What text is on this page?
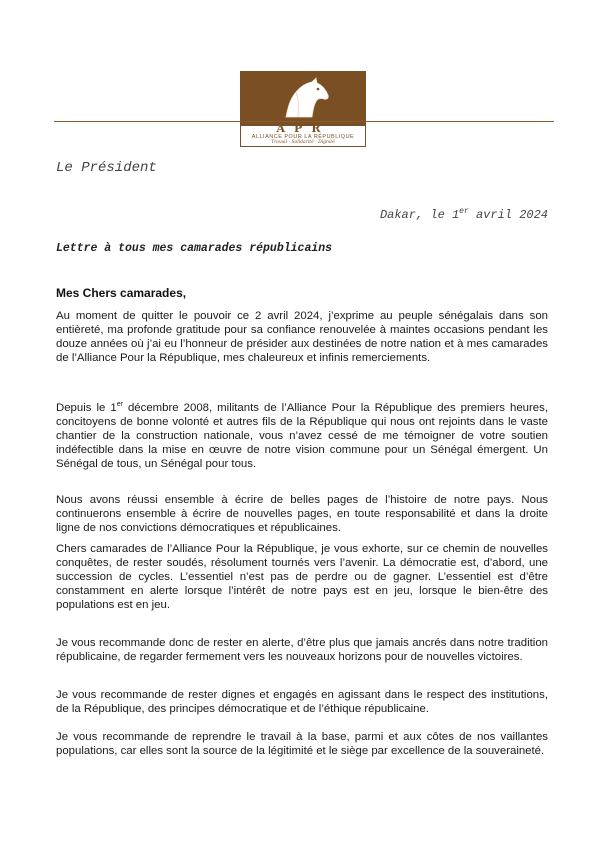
APR
ALLIANCE POUR LA RÉPUBLIQUE
Travail - Solidarité - Dignité
Le Président
Dakar, le 1er avril 2024
Lettre à tous mes camarades républicains
Mes Chers camarades,
Au moment de quitter le pouvoir ce 2 avril 2024, j’exprime au peuple sénégalais dans son entièreté, ma profonde gratitude pour sa confiance renouvelée à maintes occasions pendant les douze années où j’ai eu l’honneur de présider aux destinées de notre nation et à mes camarades de l’Alliance Pour la République, mes chaleureux et infinis remerciements.
Depuis le 1er décembre 2008, militants de l’Alliance Pour la République des premiers heures, concitoyens de bonne volonté et autres fils de la République qui nous ont rejoints dans le vaste chantier de la construction nationale, vous n’avez cessé de me témoigner de votre soutien indéfectible dans la mise en œuvre de notre vision commune pour un Sénégal émergent. Un Sénégal de tous, un Sénégal pour tous.
Nous avons réussi ensemble à écrire de belles pages de l’histoire de notre pays. Nous continuerons ensemble à écrire de nouvelles pages, en toute responsabilité et dans la droite ligne de nos convictions démocratiques et républicaines.
Chers camarades de l’Alliance Pour la République, je vous exhorte, sur ce chemin de nouvelles conquêtes, de rester soudés, résolument tournés vers l’avenir. La démocratie est, d’abord, une succession de cycles. L’essentiel n’est pas de perdre ou de gagner. L’essentiel est d’être constamment en alerte lorsque l’intérêt de notre pays est en jeu, lorsque le bien-être des populations est en jeu.
Je vous recommande donc de rester en alerte, d’être plus que jamais ancrés dans notre tradition républicaine, de regarder fermement vers les nouveaux horizons pour de nouvelles victoires.
Je vous recommande de rester dignes et engagés en agissant dans le respect des institutions, de la République, des principes démocratique et de l’éthique républicaine.
Je vous recommande de reprendre le travail à la base, parmi et aux côtes de nos vaillantes populations, car elles sont la source de la légitimité et le siège par excellence de la souveraineté.
